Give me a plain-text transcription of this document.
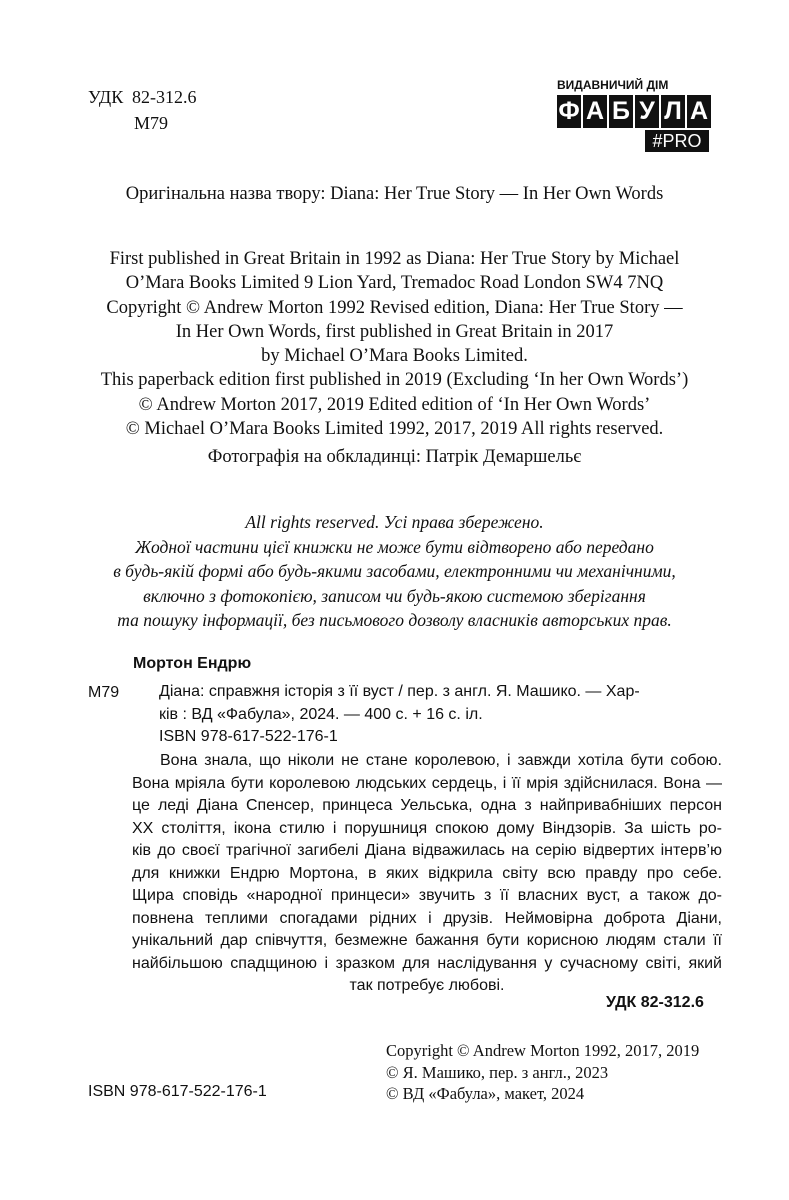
УДК 82-312.6
М79
ВИДАВНИЧИЙ ДІМ
Ф А Б У Л А
#PRO
Оригінальна назва твору: Diana: Her True Story — In Her Own Words
First published in Great Britain in 1992 as Diana: Her True Story by Michael
O’Mara Books Limited 9 Lion Yard, Tremadoc Road London SW4 7NQ
Copyright © Andrew Morton 1992 Revised edition, Diana: Her True Story —
In Her Own Words, first published in Great Britain in 2017
by Michael O’Mara Books Limited.
This paperback edition first published in 2019 (Excluding ‘In her Own Words’)
© Andrew Morton 2017, 2019 Edited edition of ‘In Her Own Words’
© Michael O’Mara Books Limited 1992, 2017, 2019 All rights reserved.
Фотографія на обкладинці: Патрік Демаршельє
All rights reserved. Усі права збережено.
Жодної частини цієї книжки не може бути відтворено або передано
в будь-якій формі або будь-якими засобами, електронними чи механічними,
включно з фотокопією, записом чи будь-якою системою зберігання
та пошуку інформації, без письмового дозволу власників авторських прав.
Мортон Ендрю
М79 Діана: справжня історія з її вуст / пер. з англ. Я. Машико. — Хар-
ків : ВД «Фабула», 2024. — 400 с. + 16 с. іл.
ISBN 978-617-522-176-1
Вона знала, що ніколи не стане королевою, і завжди хотіла бути собою.
Вона мріяла бути королевою людських сердець, і її мрія здійснилася. Вона —
це леді Діана Спенсер, принцеса Уельська, одна з найпривабніших персон
XX століття, ікона стилю і порушниця спокою дому Віндзорів. За шість ро-
ків до своєї трагічної загибелі Діана відважилась на серію відвертих інтерв’ю
для книжки Ендрю Мортона, в яких відкрила світу всю правду про себе.
Щира сповідь «народної принцеси» звучить з її власних вуст, а також до-
повнена теплими спогадами рідних і друзів. Неймовірна доброта Діани,
унікальний дар співчуття, безмежне бажання бути корисною людям стали її
найбільшою спадщиною і зразком для наслідування у сучасному світі, який
так потребує любові.
УДК 82-312.6
Copyright © Andrew Morton 1992, 2017, 2019
© Я. Машико, пер. з англ., 2023
© ВД «Фабула», макет, 2024
ISBN 978-617-522-176-1
